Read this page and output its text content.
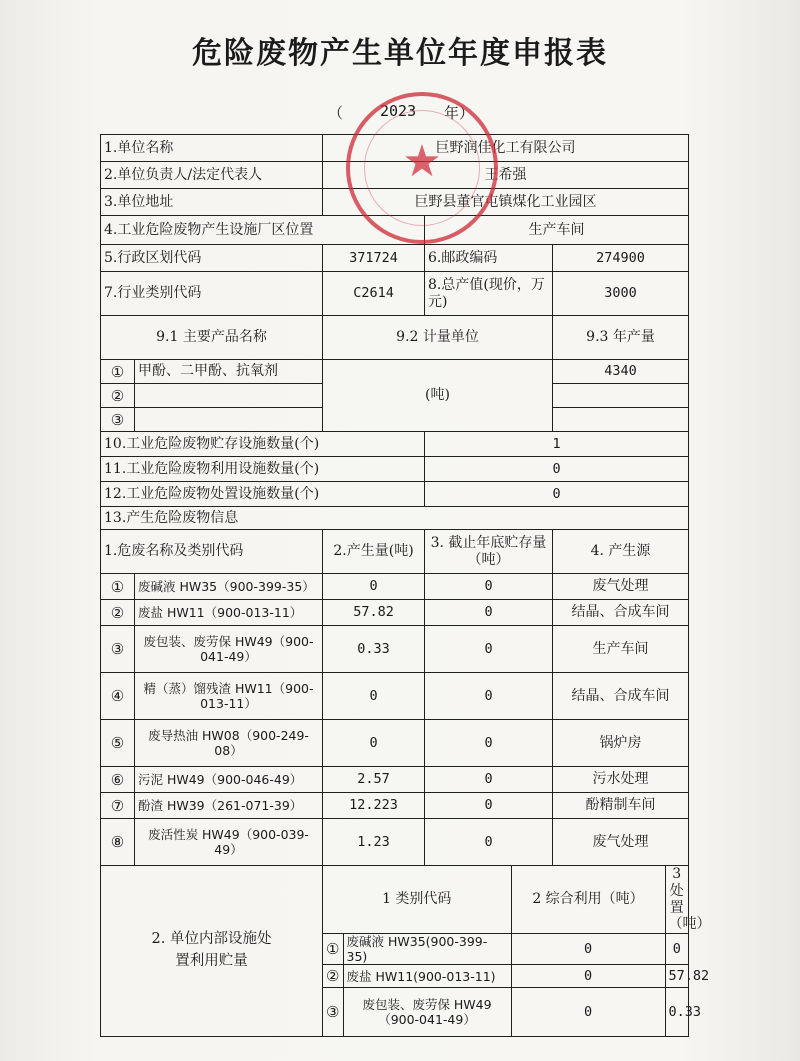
危险废物产生单位年度申报表
（ 2023 年）
1.单位名称	巨野润佳化工有限公司
2.单位负责人/法定代表人	王希强
3.单位地址	巨野县董官屯镇煤化工业园区
4.工业危险废物产生设施厂区位置	生产车间
5.行政区划代码	371724	6.邮政编码	274900
7.行业类别代码	C2614	8.总产值(现价，万元)	3000
9.1 主要产品名称	9.2 计量单位	9.3 年产量
①	甲酚、二甲酚、抗氧剂	(吨)	4340
②		
③		
10.工业危险废物贮存设施数量(个)	1
11.工业危险废物利用设施数量(个)	0
12.工业危险废物处置设施数量(个)	0
13.产生危险废物信息
1.危废名称及类别代码	2.产生量(吨)	3. 截止年底贮存量（吨）	4. 产生源
①	废碱液 HW35（900-399-35）	0	0	废气处理
②	废盐 HW11（900-013-11）	57.82	0	结晶、合成车间
③	废包装、废劳保 HW49（900-041-49）	0.33	0	生产车间
④	精（蒸）馏残渣 HW11（900-013-11）	0	0	结晶、合成车间
⑤	废导热油 HW08（900-249-08）	0	0	锅炉房
⑥	污泥 HW49（900-046-49）	2.57	0	污水处理
⑦	酚渣 HW39（261-071-39）	12.223	0	酚精制车间
⑧	废活性炭 HW49（900-039-49）	1.23	0	废气处理

2. 单位内部设施处置利用贮量

1 类别代码	2 综合利用（吨）	3 处置（吨）

①	废碱液 HW35(900-399-35)	0	0

②	废盐 HW11(900-013-11)	0	57.82

③	废包装、废劳保 HW49（900-041-49）	0	0.33
★
